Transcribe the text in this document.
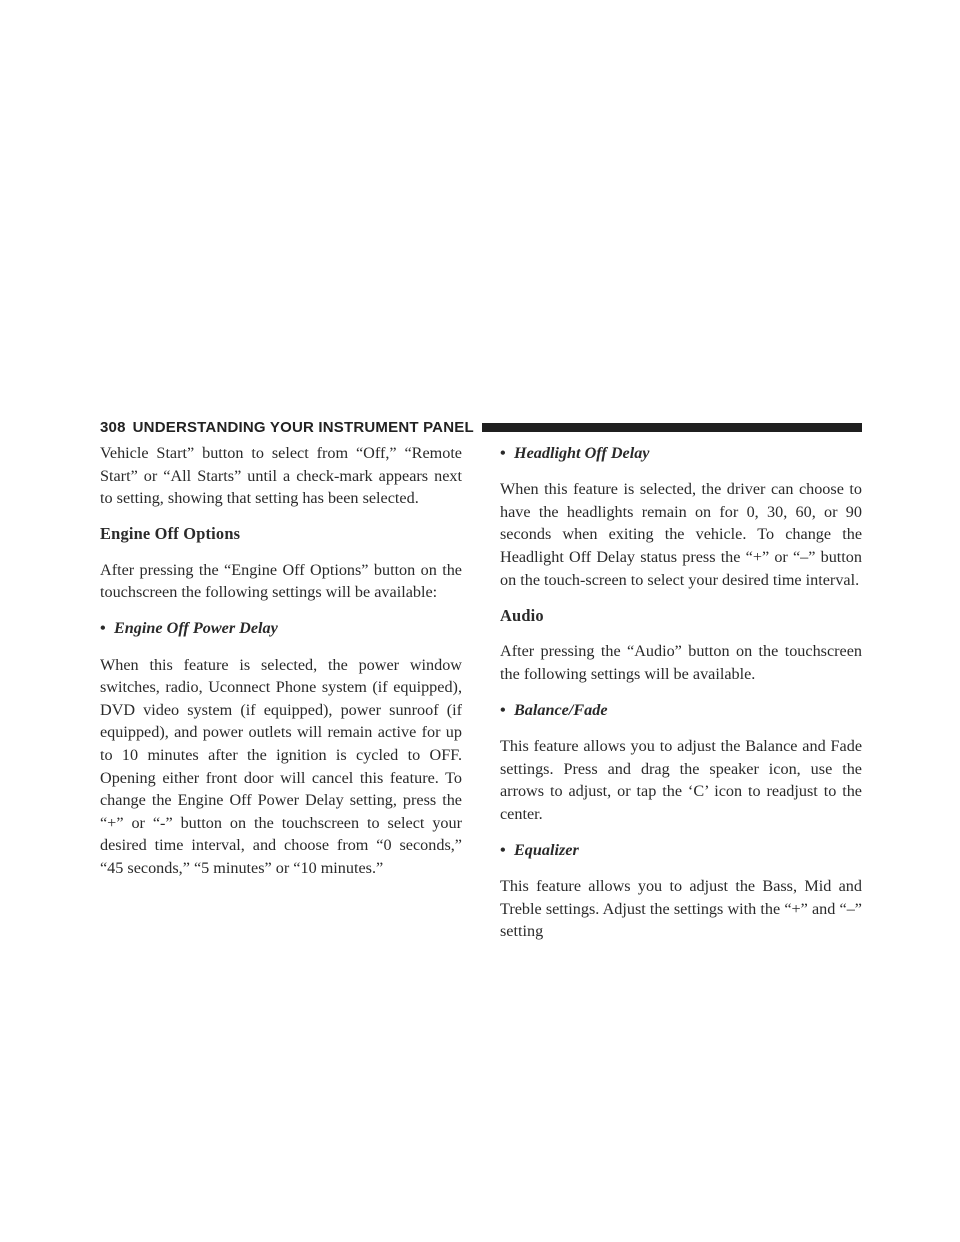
308 UNDERSTANDING YOUR INSTRUMENT PANEL

Vehicle Start” button to select from “Off,” “Remote Start” or “All Starts” until a check-mark appears next to setting, showing that setting has been selected.

Engine Off Options

After pressing the “Engine Off Options” button on the touchscreen the following settings will be available:

• Engine Off Power Delay

When this feature is selected, the power window switches, radio, Uconnect Phone system (if equipped), DVD video system (if equipped), power sunroof (if equipped), and power outlets will remain active for up to 10 minutes after the ignition is cycled to OFF. Opening either front door will cancel this feature. To change the Engine Off Power Delay setting, press the “+” or “-” button on the touchscreen to select your desired time interval, and choose from “0 seconds,” “45 seconds,” “5 minutes” or “10 minutes.”

• Headlight Off Delay

When this feature is selected, the driver can choose to have the headlights remain on for 0, 30, 60, or 90 seconds when exiting the vehicle. To change the Headlight Off Delay status press the “+” or “–” button on the touch-screen to select your desired time interval.

Audio

After pressing the “Audio” button on the touchscreen the following settings will be available.

• Balance/Fade

This feature allows you to adjust the Balance and Fade settings. Press and drag the speaker icon, use the arrows to adjust, or tap the ‘C’ icon to readjust to the center.

• Equalizer

This feature allows you to adjust the Bass, Mid and Treble settings. Adjust the settings with the “+” and “–” setting
